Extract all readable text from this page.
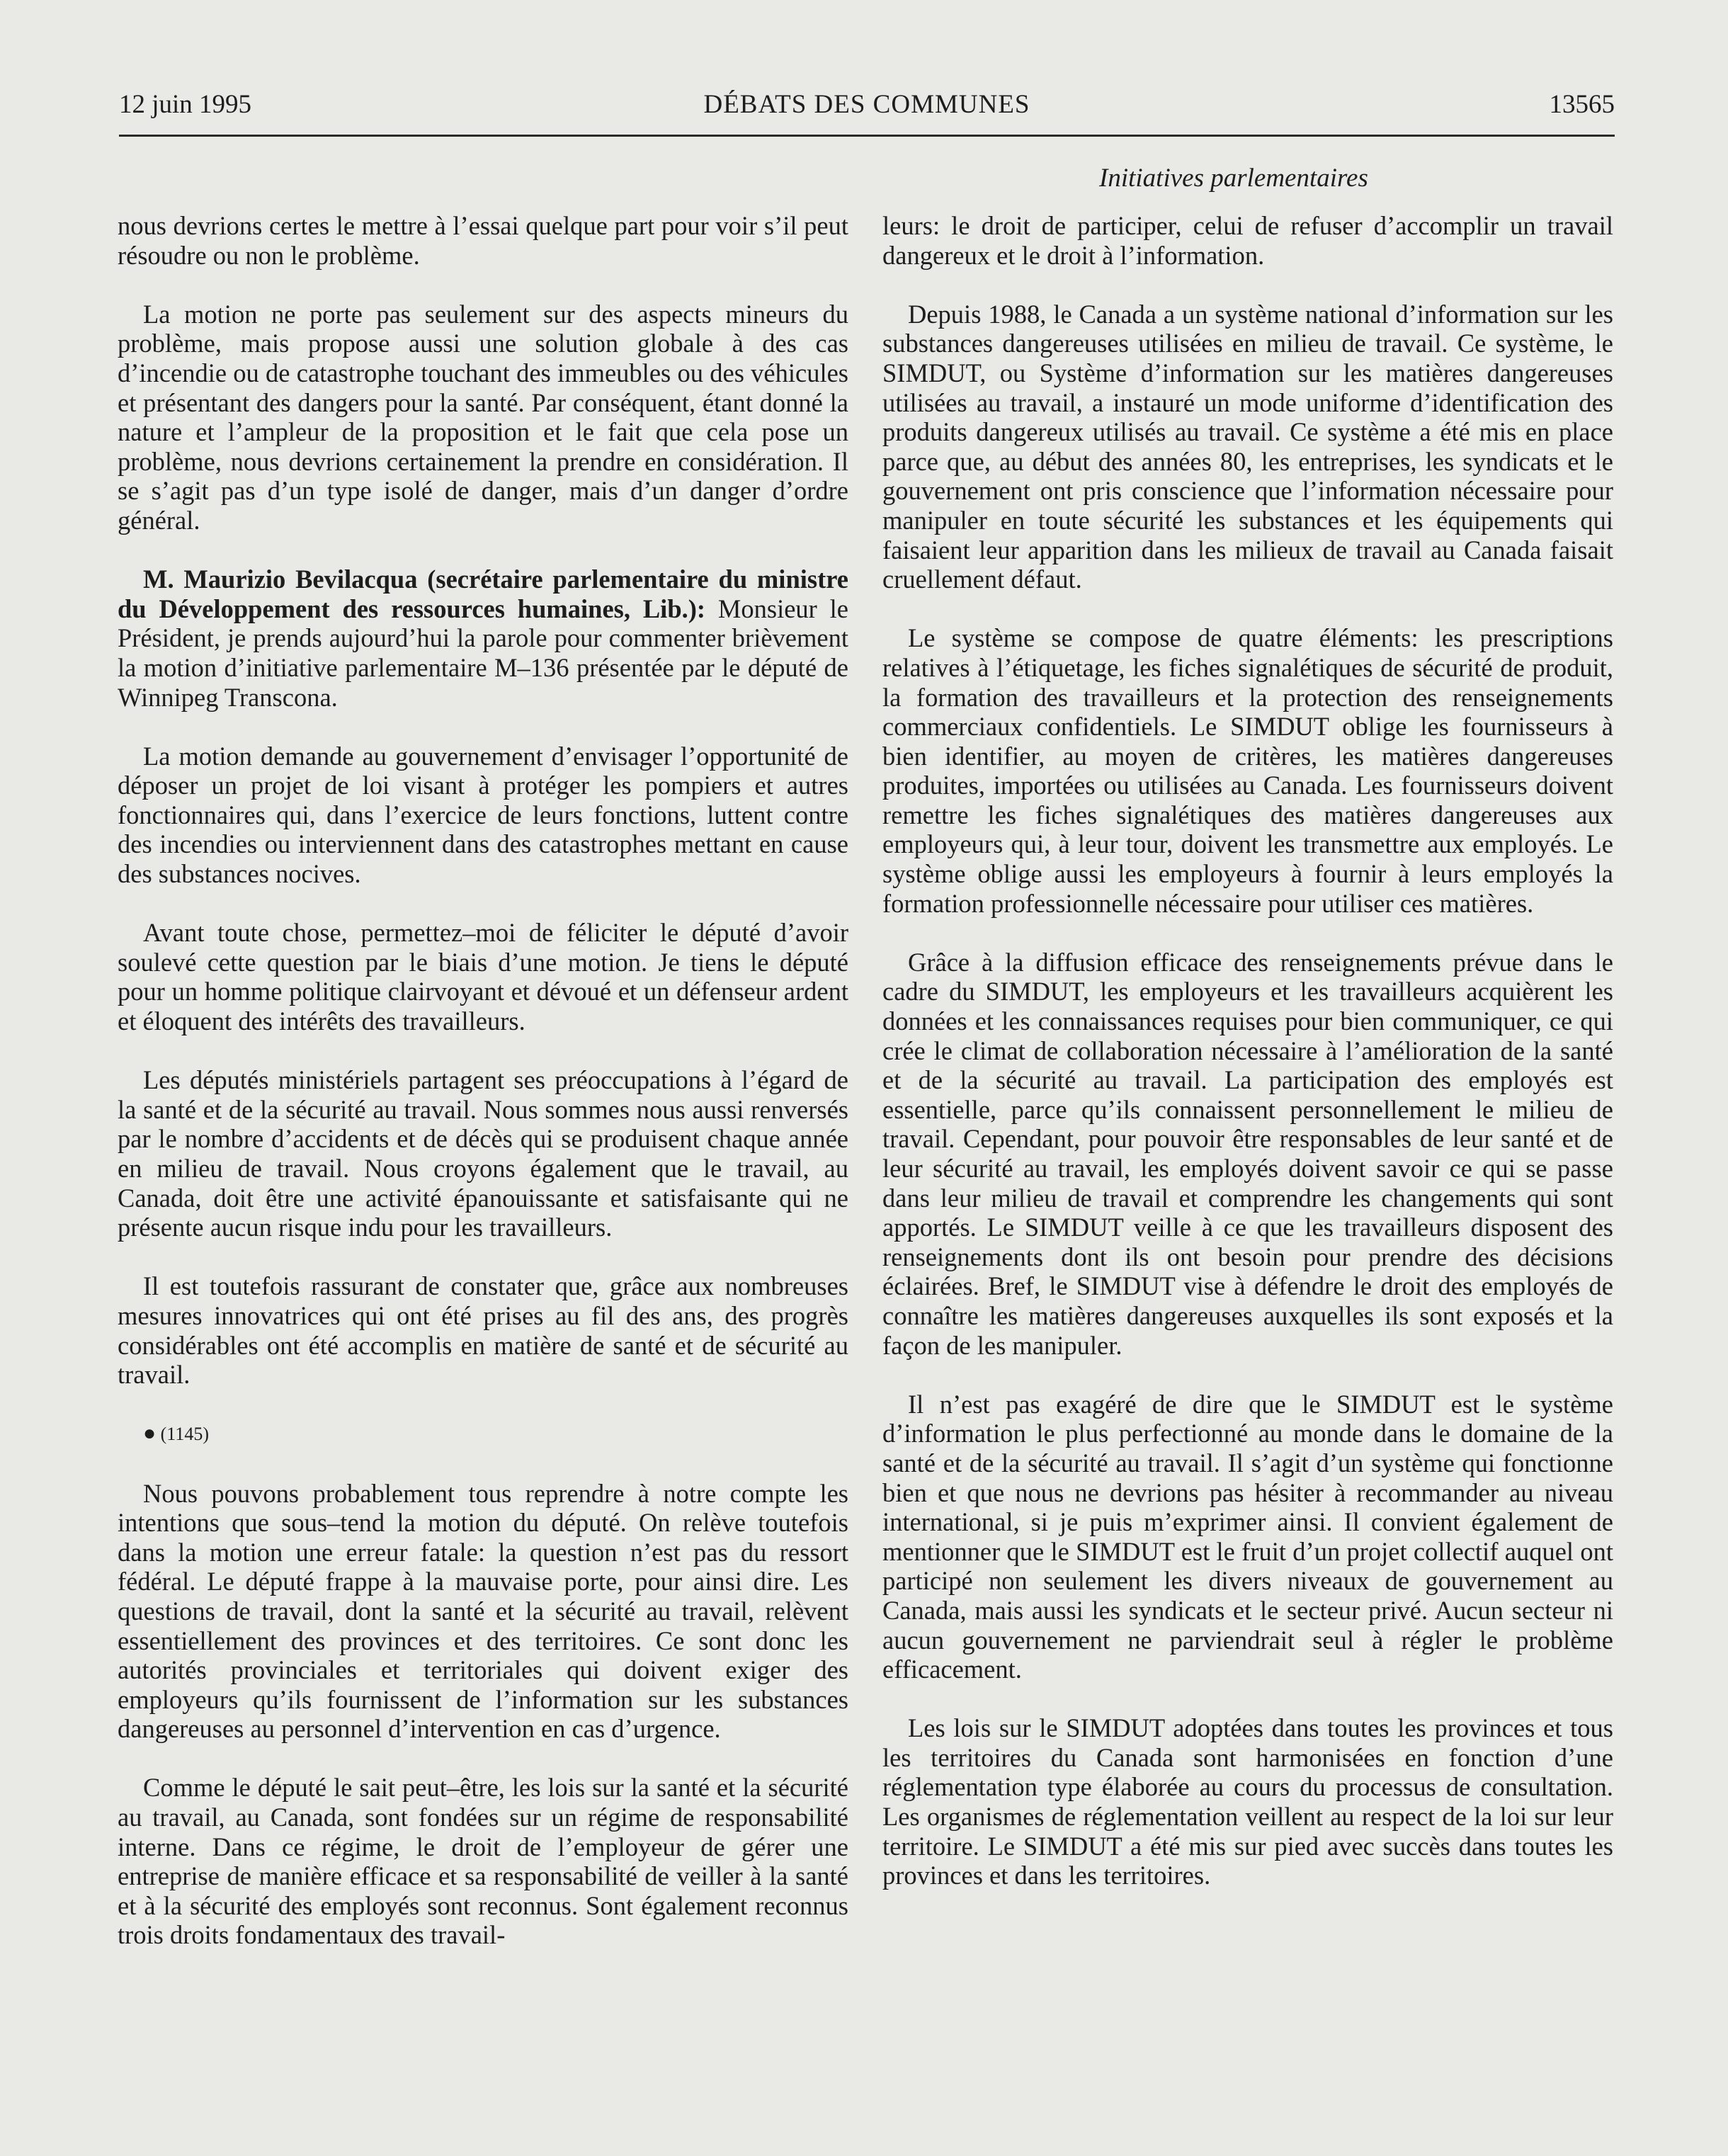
12 juin 1995	DÉBATS DES COMMUNES	13565
Initiatives parlementaires

nous devrions certes le mettre à l’essai quelque part pour voir s’il peut résoudre ou non le problème.

La motion ne porte pas seulement sur des aspects mineurs du problème, mais propose aussi une solution globale à des cas d’incendie ou de catastrophe touchant des immeubles ou des véhicules et présentant des dangers pour la santé. Par conséquent, étant donné la nature et l’ampleur de la proposition et le fait que cela pose un problème, nous devrions certainement la prendre en considération. Il se s’agit pas d’un type isolé de danger, mais d’un danger d’ordre général.

M. Maurizio Bevilacqua (secrétaire parlementaire du ministre du Développement des ressources humaines, Lib.): Monsieur le Président, je prends aujourd’hui la parole pour commenter brièvement la motion d’initiative parlementaire M–136 présentée par le député de Winnipeg Transcona.

La motion demande au gouvernement d’envisager l’opportunité de déposer un projet de loi visant à protéger les pompiers et autres fonctionnaires qui, dans l’exercice de leurs fonctions, luttent contre des incendies ou interviennent dans des catastrophes mettant en cause des substances nocives.

Avant toute chose, permettez–moi de féliciter le député d’avoir soulevé cette question par le biais d’une motion. Je tiens le député pour un homme politique clairvoyant et dévoué et un défenseur ardent et éloquent des intérêts des travailleurs.

Les députés ministériels partagent ses préoccupations à l’égard de la santé et de la sécurité au travail. Nous sommes nous aussi renversés par le nombre d’accidents et de décès qui se produisent chaque année en milieu de travail. Nous croyons également que le travail, au Canada, doit être une activité épanouissante et satisfaisante qui ne présente aucun risque indu pour les travailleurs.

Il est toutefois rassurant de constater que, grâce aux nombreuses mesures innovatrices qui ont été prises au fil des ans, des progrès considérables ont été accomplis en matière de santé et de sécurité au travail.

● (1145)

Nous pouvons probablement tous reprendre à notre compte les intentions que sous–tend la motion du député. On relève toutefois dans la motion une erreur fatale: la question n’est pas du ressort fédéral. Le député frappe à la mauvaise porte, pour ainsi dire. Les questions de travail, dont la santé et la sécurité au travail, relèvent essentiellement des provinces et des territoires. Ce sont donc les autorités provinciales et territoriales qui doivent exiger des employeurs qu’ils fournissent de l’information sur les substances dangereuses au personnel d’intervention en cas d’urgence.

Comme le député le sait peut–être, les lois sur la santé et la sécurité au travail, au Canada, sont fondées sur un régime de responsabilité interne. Dans ce régime, le droit de l’employeur de gérer une entreprise de manière efficace et sa responsabilité de veiller à la santé et à la sécurité des employés sont reconnus. Sont également reconnus trois droits fondamentaux des travail-

leurs: le droit de participer, celui de refuser d’accomplir un travail dangereux et le droit à l’information.

Depuis 1988, le Canada a un système national d’information sur les substances dangereuses utilisées en milieu de travail. Ce système, le SIMDUT, ou Système d’information sur les matières dangereuses utilisées au travail, a instauré un mode uniforme d’identification des produits dangereux utilisés au travail. Ce système a été mis en place parce que, au début des années 80, les entreprises, les syndicats et le gouvernement ont pris conscience que l’information nécessaire pour manipuler en toute sécurité les substances et les équipements qui faisaient leur apparition dans les milieux de travail au Canada faisait cruellement défaut.

Le système se compose de quatre éléments: les prescriptions relatives à l’étiquetage, les fiches signalétiques de sécurité de produit, la formation des travailleurs et la protection des renseignements commerciaux confidentiels. Le SIMDUT oblige les fournisseurs à bien identifier, au moyen de critères, les matières dangereuses produites, importées ou utilisées au Canada. Les fournisseurs doivent remettre les fiches signalétiques des matières dangereuses aux employeurs qui, à leur tour, doivent les transmettre aux employés. Le système oblige aussi les employeurs à fournir à leurs employés la formation professionnelle nécessaire pour utiliser ces matières.

Grâce à la diffusion efficace des renseignements prévue dans le cadre du SIMDUT, les employeurs et les travailleurs acquièrent les données et les connaissances requises pour bien communiquer, ce qui crée le climat de collaboration nécessaire à l’amélioration de la santé et de la sécurité au travail. La participation des employés est essentielle, parce qu’ils connaissent personnellement le milieu de travail. Cependant, pour pouvoir être responsables de leur santé et de leur sécurité au travail, les employés doivent savoir ce qui se passe dans leur milieu de travail et comprendre les changements qui sont apportés. Le SIMDUT veille à ce que les travailleurs disposent des renseignements dont ils ont besoin pour prendre des décisions éclairées. Bref, le SIMDUT vise à défendre le droit des employés de connaître les matières dangereuses auxquelles ils sont exposés et la façon de les manipuler.

Il n’est pas exagéré de dire que le SIMDUT est le système d’information le plus perfectionné au monde dans le domaine de la santé et de la sécurité au travail. Il s’agit d’un système qui fonctionne bien et que nous ne devrions pas hésiter à recommander au niveau international, si je puis m’exprimer ainsi. Il convient également de mentionner que le SIMDUT est le fruit d’un projet collectif auquel ont participé non seulement les divers niveaux de gouvernement au Canada, mais aussi les syndicats et le secteur privé. Aucun secteur ni aucun gouvernement ne parviendrait seul à régler le problème efficacement.

Les lois sur le SIMDUT adoptées dans toutes les provinces et tous les territoires du Canada sont harmonisées en fonction d’une réglementation type élaborée au cours du processus de consultation. Les organismes de réglementation veillent au respect de la loi sur leur territoire. Le SIMDUT a été mis sur pied avec succès dans toutes les provinces et dans les territoires.
